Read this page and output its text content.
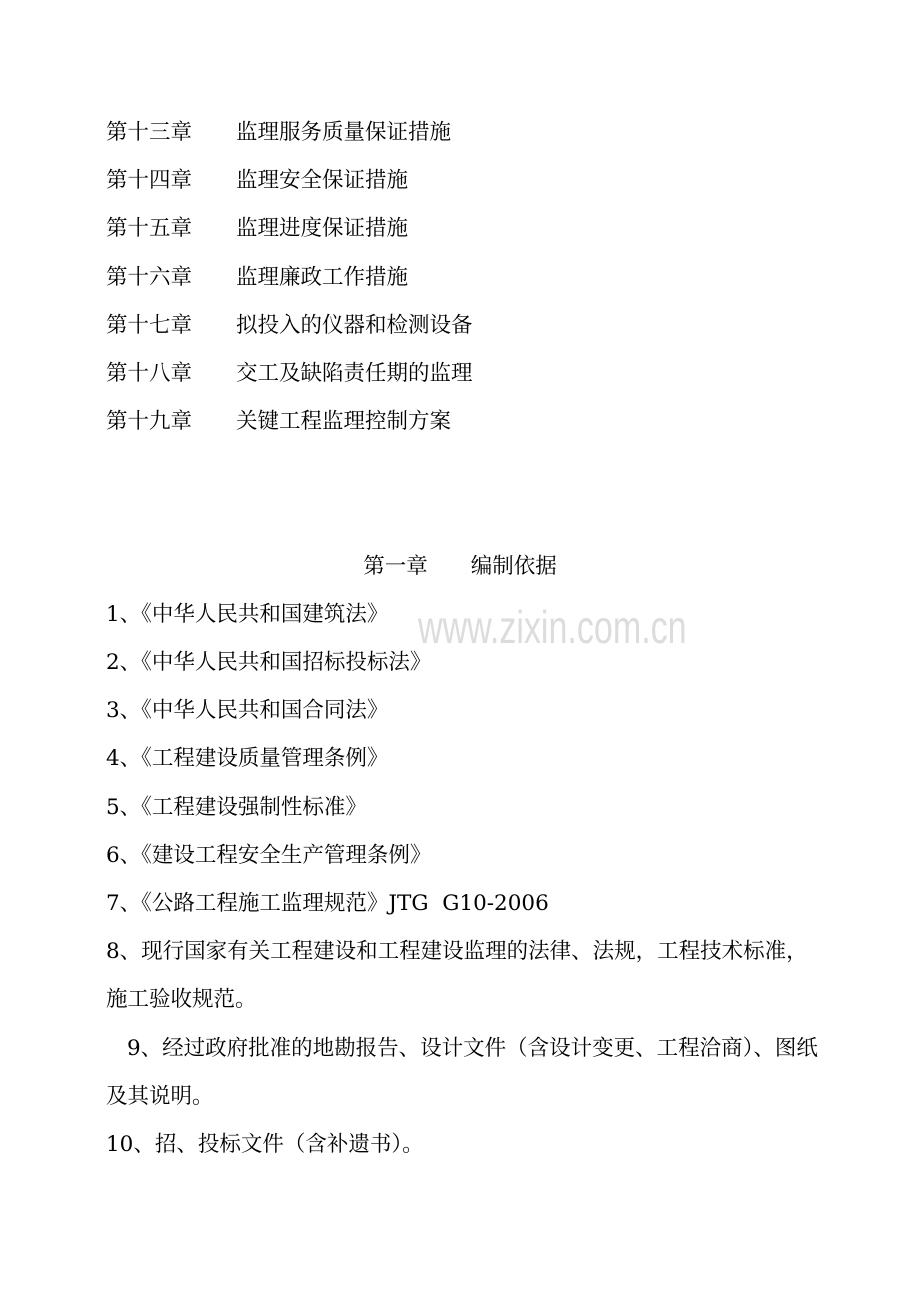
www.zixin.com.cn
第十三章 监理服务质量保证措施
第十四章 监理安全保证措施
第十五章 监理进度保证措施
第十六章 监理廉政工作措施
第十七章 拟投入的仪器和检测设备
第十八章 交工及缺陷责任期的监理
第十九章 关键工程监理控制方案
第一章 编制依据
1、《中华人民共和国建筑法》
2、《中华人民共和国招标投标法》
3、《中华人民共和国合同法》
4、《工程建设质量管理条例》
5、《工程建设强制性标准》
6、《建设工程安全生产管理条例》
7、《公路工程施工监理规范》JTG  G10-2006
8、现行国家有关工程建设和工程建设监理的法律、法规，工程技术标准，
施工验收规范。
9、经过政府批准的地勘报告、设计文件（含设计变更、工程洽商）、图纸
及其说明。
10、招、投标文件（含补遗书）。
